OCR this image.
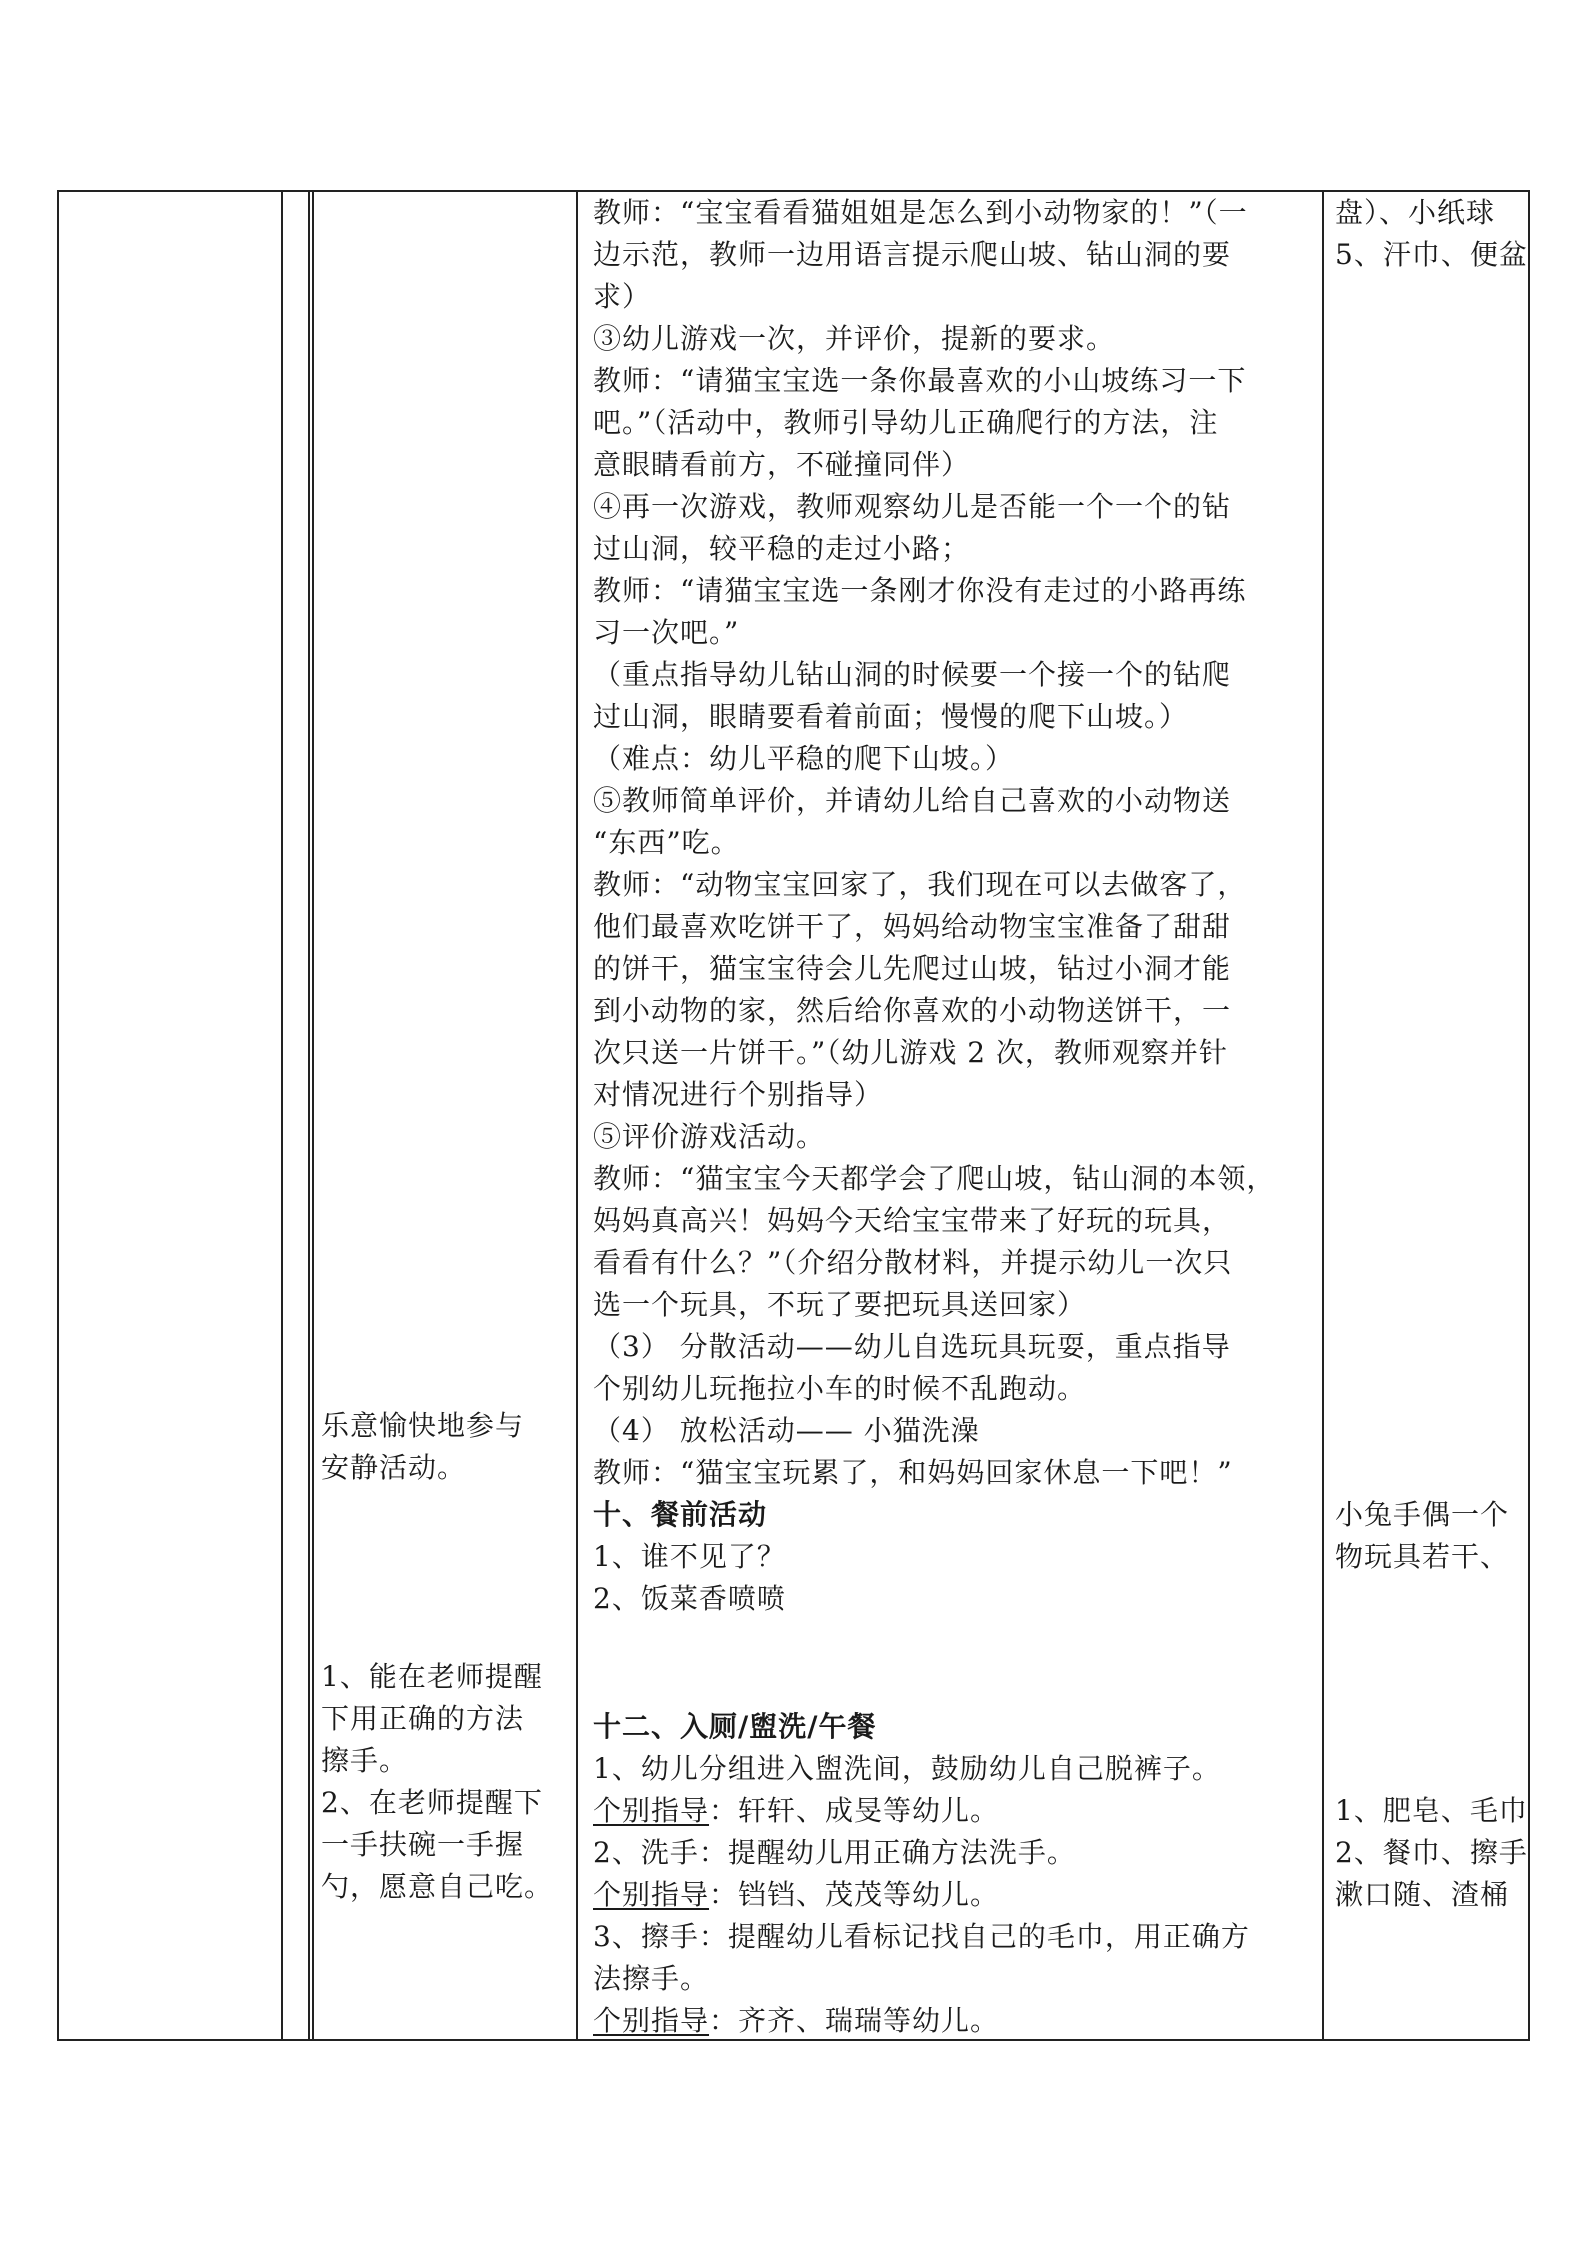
乐意愉快地参与
安静活动。
1、能在老师提醒
下用正确的方法
擦手。
2、在老师提醒下
一手扶碗一手握
勺，愿意自己吃。
教师：“宝宝看看猫姐姐是怎么到小动物家的！”（一
边示范，教师一边用语言提示爬山坡、钻山洞的要
求）
③幼儿游戏一次，并评价，提新的要求。
教师：“请猫宝宝选一条你最喜欢的小山坡练习一下
吧。”（活动中，教师引导幼儿正确爬行的方法，注
意眼睛看前方，不碰撞同伴）
④再一次游戏，教师观察幼儿是否能一个一个的钻
过山洞，较平稳的走过小路；
教师：“请猫宝宝选一条刚才你没有走过的小路再练
习一次吧。”
（重点指导幼儿钻山洞的时候要一个接一个的钻爬
过山洞，眼睛要看着前面；慢慢的爬下山坡。）
（难点：幼儿平稳的爬下山坡。）
⑤教师简单评价，并请幼儿给自己喜欢的小动物送
“东西”吃。
教师：“动物宝宝回家了，我们现在可以去做客了，
他们最喜欢吃饼干了，妈妈给动物宝宝准备了甜甜
的饼干，猫宝宝待会儿先爬过山坡，钻过小洞才能
到小动物的家，然后给你喜欢的小动物送饼干，一
次只送一片饼干。”（幼儿游戏 2 次，教师观察并针
对情况进行个别指导）
⑤评价游戏活动。
教师：“猫宝宝今天都学会了爬山坡，钻山洞的本领，
妈妈真高兴！妈妈今天给宝宝带来了好玩的玩具，
看看有什么？”（介绍分散材料，并提示幼儿一次只
选一个玩具，不玩了要把玩具送回家）
（3） 分散活动——幼儿自选玩具玩耍，重点指导
个别幼儿玩拖拉小车的时候不乱跑动。
（4） 放松活动—— 小猫洗澡
教师：“猫宝宝玩累了，和妈妈回家休息一下吧！”
十、餐前活动
1、谁不见了？
2、饭菜香喷喷
十二、入厕/盥洗/午餐
1、幼儿分组进入盥洗间，鼓励幼儿自己脱裤子。
个别指导：轩轩、成旻等幼儿。
2、洗手：提醒幼儿用正确方法洗手。
个别指导：铛铛、茂茂等幼儿。
3、擦手：提醒幼儿看标记找自己的毛巾，用正确方
法擦手。
个别指导：齐齐、瑞瑞等幼儿。
盘）、小纸球
5、汗巾、便盆
小兔手偶一个
物玩具若干、
1、肥皂、毛巾
2、餐巾、擦手
漱口随、渣桶
